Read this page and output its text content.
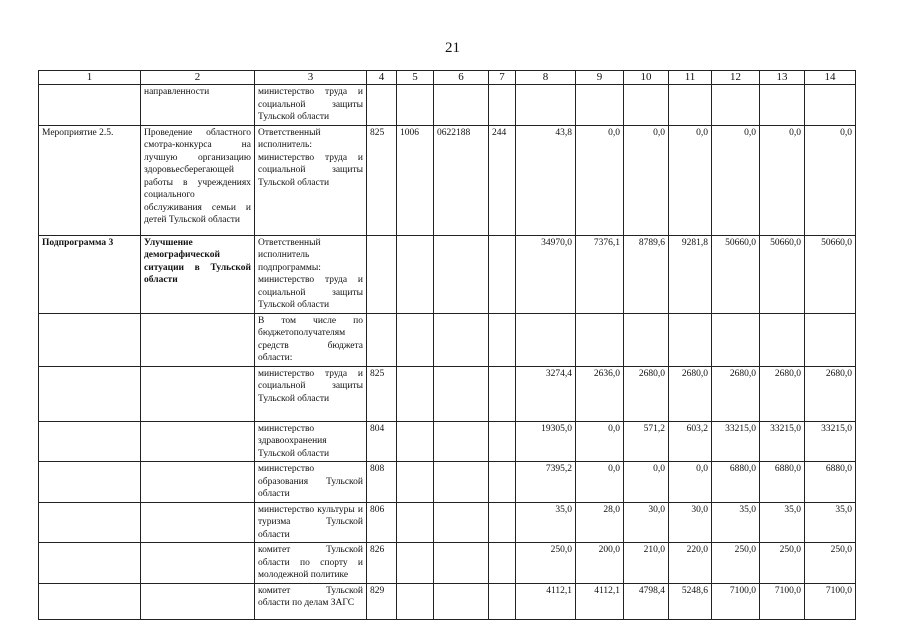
21
1	2	3	4	5	6	7	8	9	10	11	12	13	14
	направленности	министерство труда и социальной защиты Тульской области											
Мероприятие 2.5.	Проведение областного смотра-конкурса на лучшую организацию здоровьесберегающей работы в учреждениях социального обслуживания семьи и детей Тульской области	Ответственный исполнитель: министерство труда и социальной защиты Тульской области	825	1006	0622188	244	43,8	0,0	0,0	0,0	0,0	0,0	0,0
Подпрограмма 3	Улучшение демографической ситуации в Тульской области	Ответственный исполнитель подпрограммы: министерство труда и социальной защиты Тульской области					34970,0	7376,1	8789,6	9281,8	50660,0	50660,0	50660,0
		В том числе по бюджетополучателям средств бюджета области:											
		министерство труда и социальной защиты Тульской области	825				3274,4	2636,0	2680,0	2680,0	2680,0	2680,0	2680,0
		министерство здравоохранения Тульской области	804				19305,0	0,0	571,2	603,2	33215,0	33215,0	33215,0
		министерство образования Тульской области	808				7395,2	0,0	0,0	0,0	6880,0	6880,0	6880,0
		министерство культуры и туризма Тульской области	806				35,0	28,0	30,0	30,0	35,0	35,0	35,0
		комитет Тульской области по спорту и молодежной политике	826				250,0	200,0	210,0	220,0	250,0	250,0	250,0
		комитет Тульской области по делам ЗАГС	829				4112,1	4112,1	4798,4	5248,6	7100,0	7100,0	7100,0
